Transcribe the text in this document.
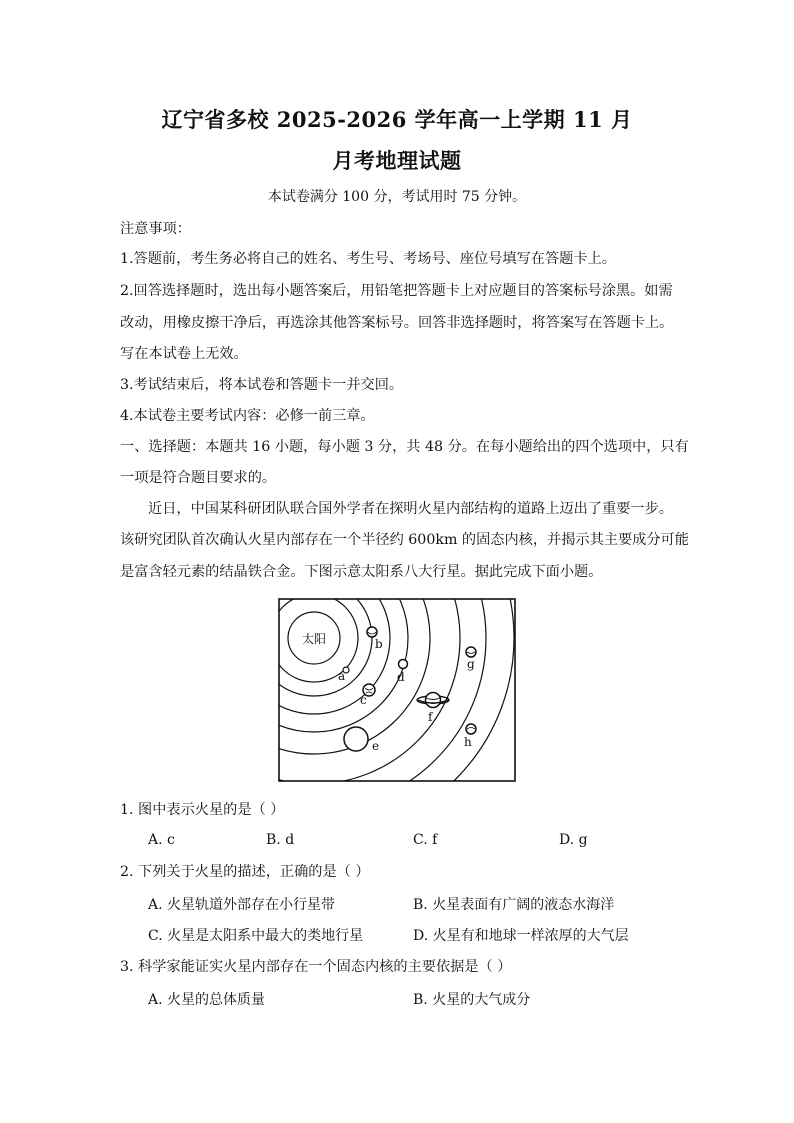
辽宁省多校 2025-2026 学年高一上学期 11 月
月考地理试题
本试卷满分 100 分，考试用时 75 分钟。
注意事项：
1.答题前，考生务必将自己的姓名、考生号、考场号、座位号填写在答题卡上。
2.回答选择题时，选出每小题答案后，用铅笔把答题卡上对应题目的答案标号涂黑。如需
改动，用橡皮擦干净后，再选涂其他答案标号。回答非选择题时，将答案写在答题卡上。
写在本试卷上无效。
3.考试结束后，将本试卷和答题卡一并交回。
4.本试卷主要考试内容：必修一前三章。
一、选择题：本题共 16 小题，每小题 3 分，共 48 分。在每小题给出的四个选项中，只有
一项是符合题目要求的。
近日，中国某科研团队联合国外学者在探明火星内部结构的道路上迈出了重要一步。
该研究团队首次确认火星内部存在一个半径约 600km 的固态内核，并揭示其主要成分可能
是富含轻元素的结晶铁合金。下图示意太阳系八大行星。据此完成下面小题。
太阳
a
b
c
d
e
f
g
h
1. 图中表示火星的是（ ）
A. c	B. d	C. f	D. g
2. 下列关于火星的描述，正确的是（ ）
A. 火星轨道外部存在小行星带	B. 火星表面有广阔的液态水海洋
C. 火星是太阳系中最大的类地行星	D. 火星有和地球一样浓厚的大气层
3. 科学家能证实火星内部存在一个固态内核的主要依据是（ ）
A. 火星的总体质量	B. 火星的大气成分
